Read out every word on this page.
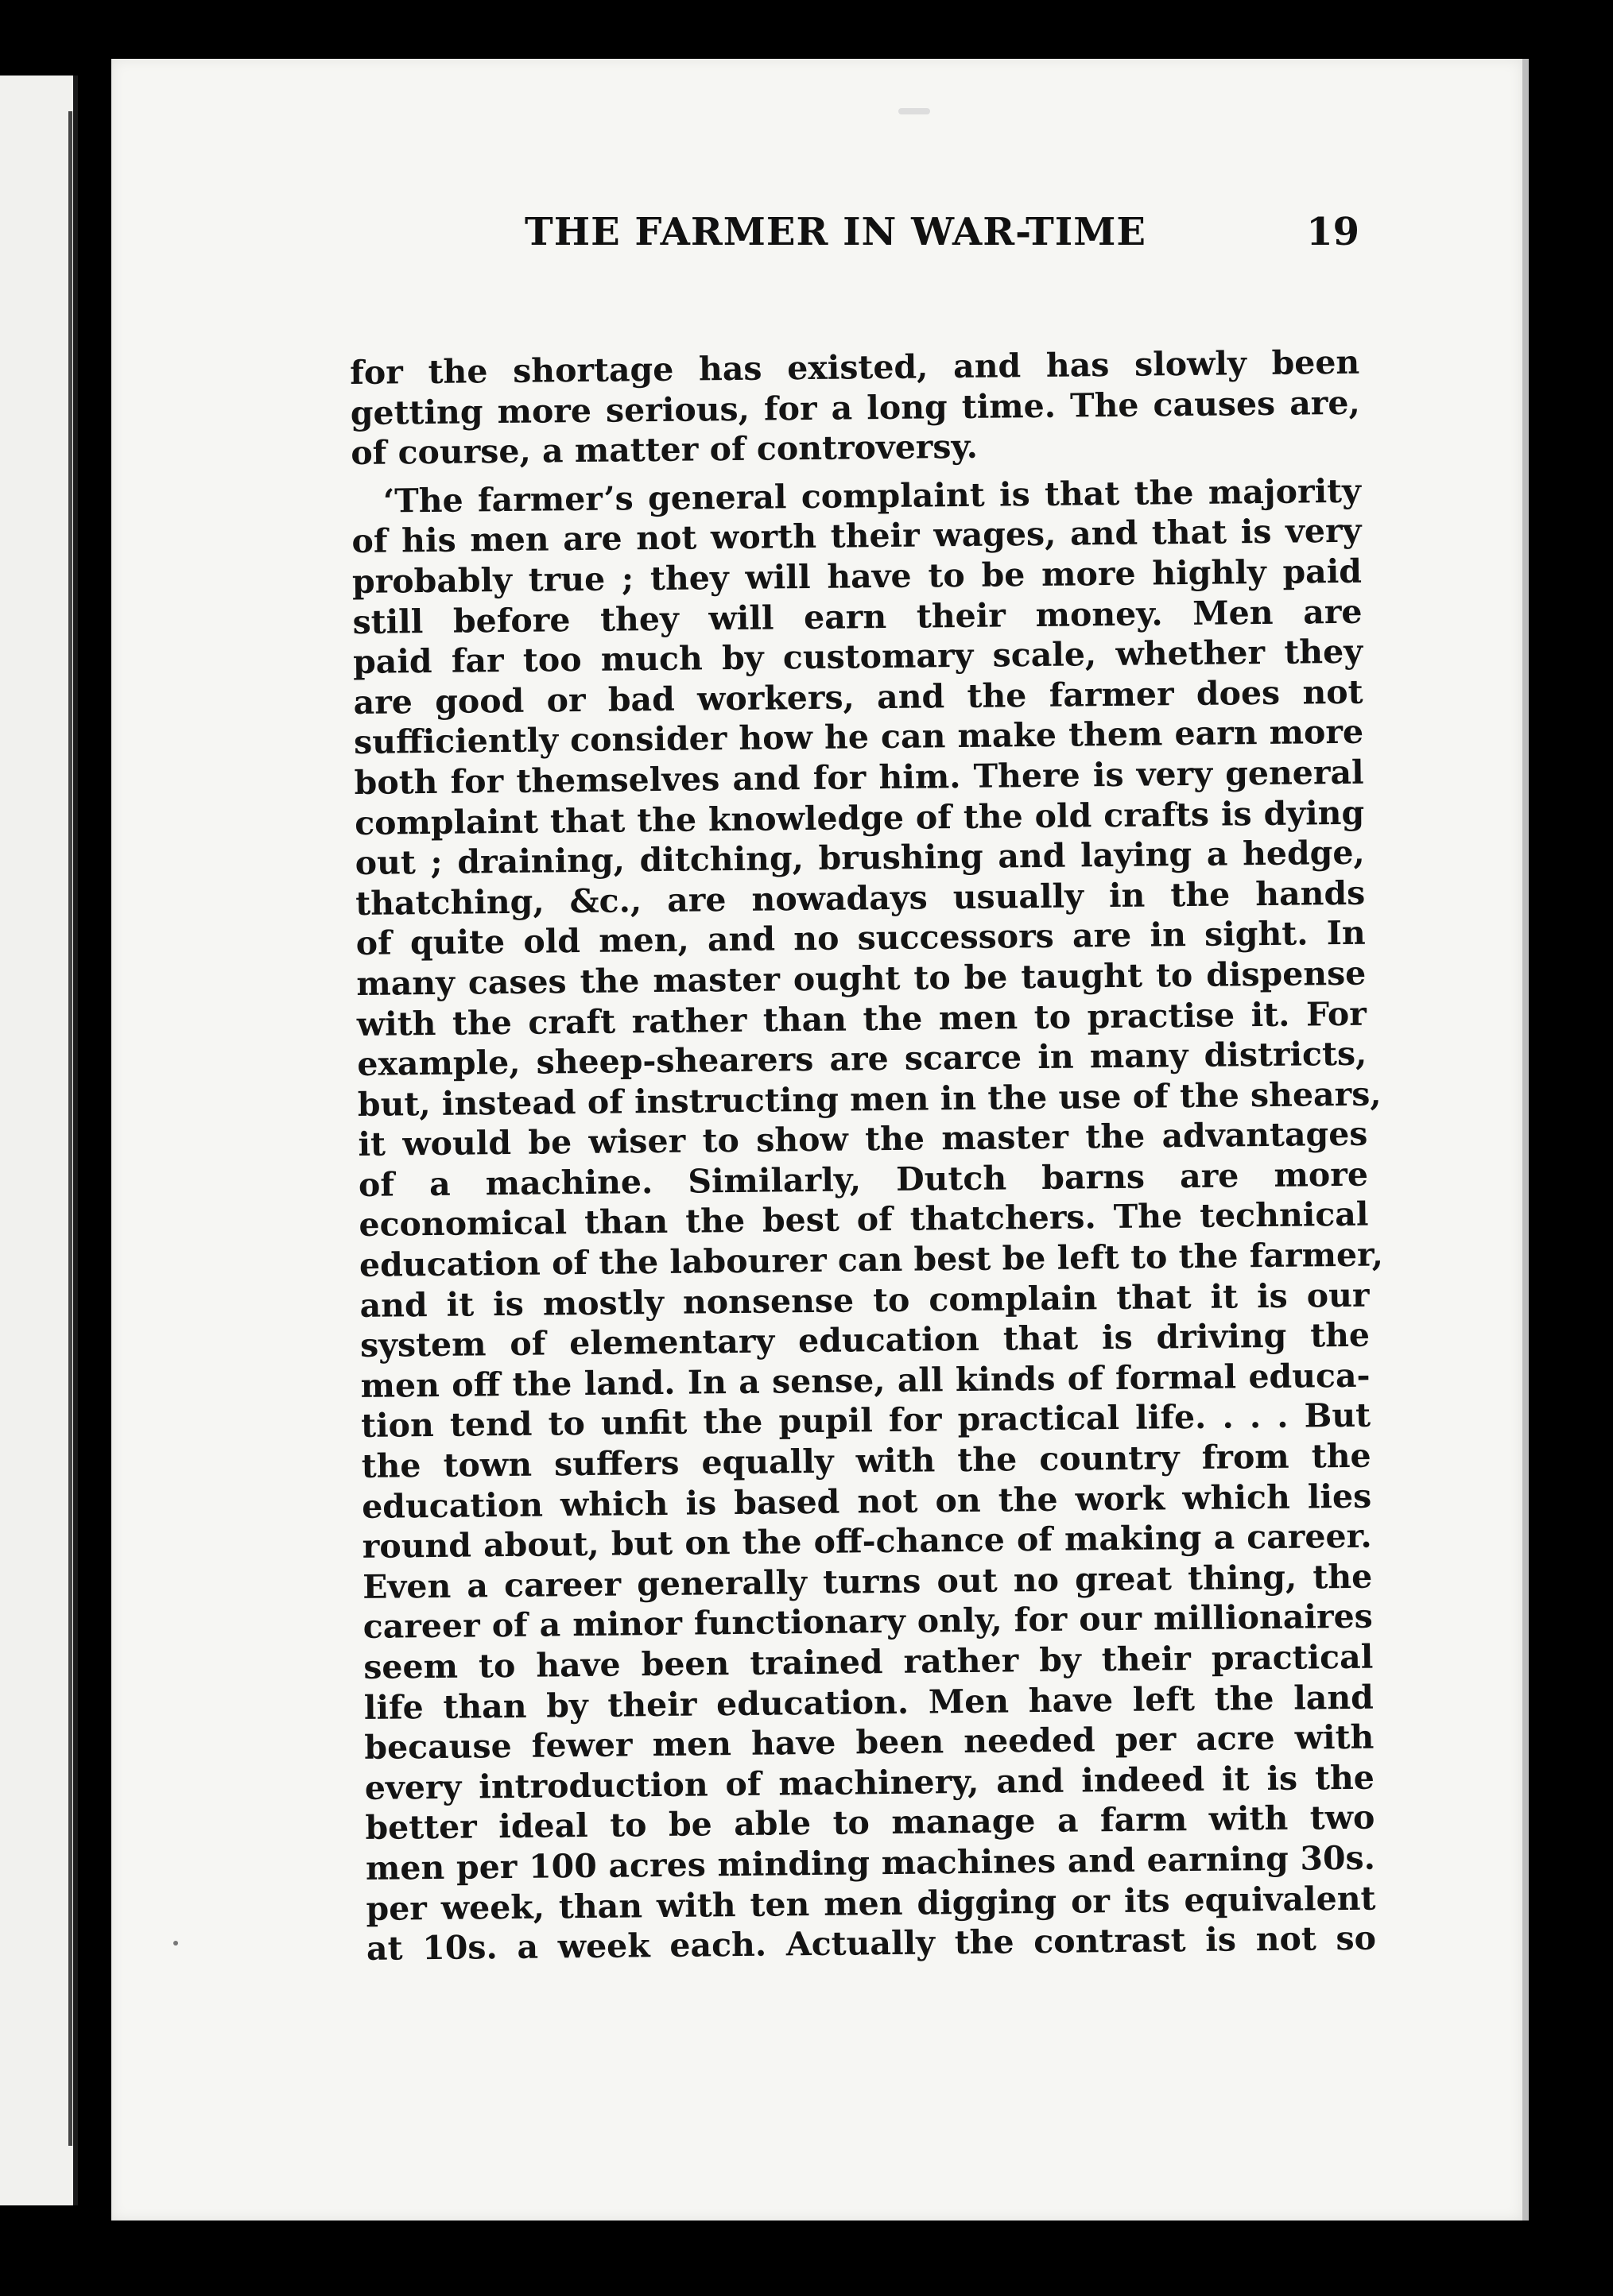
THE FARMER IN WAR-TIME	19
for the shortage has existed, and has slowly been
getting more serious, for a long time. The causes are,
of course, a matter of controversy.
‘The farmer’s general complaint is that the majority
of his men are not worth their wages, and that is very
probably true ; they will have to be more highly paid
still before they will earn their money. Men are
paid far too much by customary scale, whether they
are good or bad workers, and the farmer does not
sufficiently consider how he can make them earn more
both for themselves and for him. There is very general
complaint that the knowledge of the old crafts is dying
out ; draining, ditching, brushing and laying a hedge,
thatching, &c., are nowadays usually in the hands
of quite old men, and no successors are in sight. In
many cases the master ought to be taught to dispense
with the craft rather than the men to practise it. For
example, sheep-shearers are scarce in many districts,
but, instead of instructing men in the use of the shears,
it would be wiser to show the master the advantages
of a machine. Similarly, Dutch barns are more
economical than the best of thatchers. The technical
education of the labourer can best be left to the farmer,
and it is mostly nonsense to complain that it is our
system of elementary education that is driving the
men off the land. In a sense, all kinds of formal educa-
tion tend to unfit the pupil for practical life. . . . But
the town suffers equally with the country from the
education which is based not on the work which lies
round about, but on the off-chance of making a career.
Even a career generally turns out no great thing, the
career of a minor functionary only, for our millionaires
seem to have been trained rather by their practical
life than by their education. Men have left the land
because fewer men have been needed per acre with
every introduction of machinery, and indeed it is the
better ideal to be able to manage a farm with two
men per 100 acres minding machines and earning 30s.
per week, than with ten men digging or its equivalent
at 10s. a week each. Actually the contrast is not so
